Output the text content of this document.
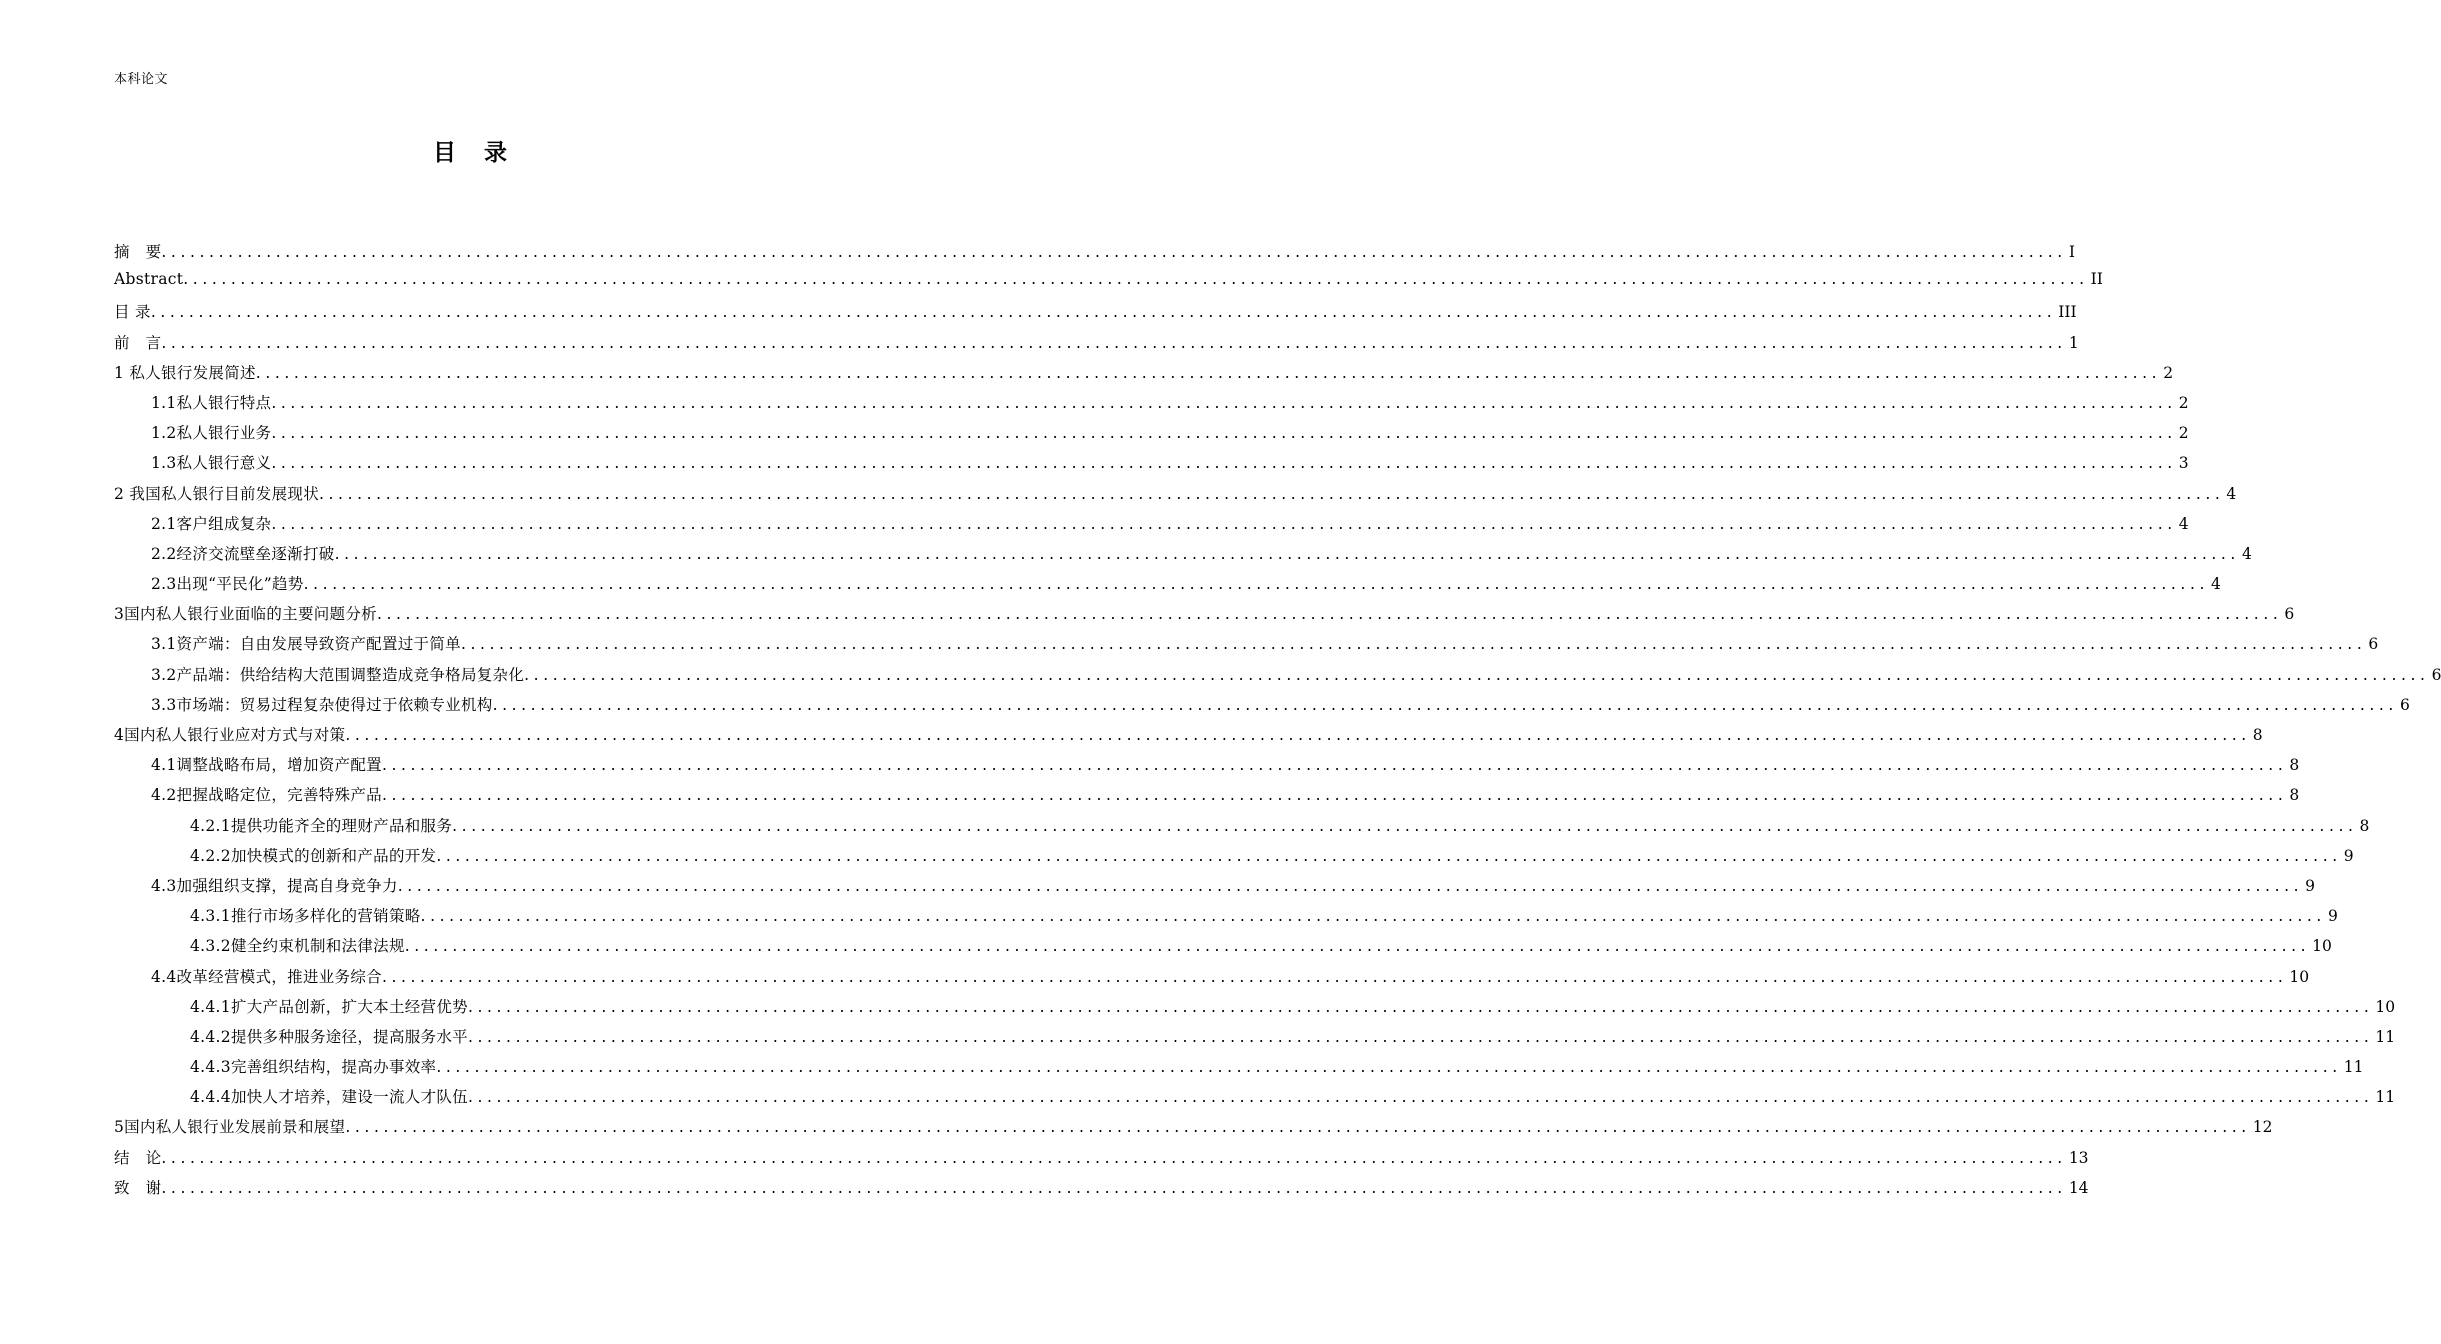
本科论文
目 录
摘　要 ........................................................................................................................................................................................................ I
Abstract ........................................................................................................................................................................................................ II
目 录 ........................................................................................................................................................................................................ III
前　言 ........................................................................................................................................................................................................ 1
1 私人银行发展简述 ........................................................................................................................................................................................................ 2
1.1私人银行特点 ........................................................................................................................................................................................................ 2
1.2私人银行业务 ........................................................................................................................................................................................................ 2
1.3私人银行意义 ........................................................................................................................................................................................................ 3
2 我国私人银行目前发展现状 ........................................................................................................................................................................................................ 4
2.1客户组成复杂 ........................................................................................................................................................................................................ 4
2.2经济交流壁垒逐渐打破 ........................................................................................................................................................................................................ 4
2.3出现“平民化”趋势 ........................................................................................................................................................................................................ 4
3国内私人银行业面临的主要问题分析 ........................................................................................................................................................................................................ 6
3.1资产端：自由发展导致资产配置过于简单 ........................................................................................................................................................................................................ 6
3.2产品端：供给结构大范围调整造成竞争格局复杂化 ........................................................................................................................................................................................................ 6
3.3市场端：贸易过程复杂使得过于依赖专业机构 ........................................................................................................................................................................................................ 6
4国内私人银行业应对方式与对策 ........................................................................................................................................................................................................ 8
4.1调整战略布局，增加资产配置 ........................................................................................................................................................................................................ 8
4.2把握战略定位，完善特殊产品 ........................................................................................................................................................................................................ 8
4.2.1提供功能齐全的理财产品和服务 ........................................................................................................................................................................................................ 8
4.2.2加快模式的创新和产品的开发 ........................................................................................................................................................................................................ 9
4.3加强组织支撑，提高自身竞争力 ........................................................................................................................................................................................................ 9
4.3.1推行市场多样化的营销策略 ........................................................................................................................................................................................................ 9
4.3.2健全约束机制和法律法规 ........................................................................................................................................................................................................ 10
4.4改革经营模式，推进业务综合 ........................................................................................................................................................................................................ 10
4.4.1扩大产品创新，扩大本土经营优势 ........................................................................................................................................................................................................ 10
4.4.2提供多种服务途径，提高服务水平 ........................................................................................................................................................................................................ 11
4.4.3完善组织结构，提高办事效率 ........................................................................................................................................................................................................ 11
4.4.4加快人才培养，建设一流人才队伍 ........................................................................................................................................................................................................ 11
5国内私人银行业发展前景和展望 ........................................................................................................................................................................................................ 12
结　论 ........................................................................................................................................................................................................ 13
致　谢 ........................................................................................................................................................................................................ 14
